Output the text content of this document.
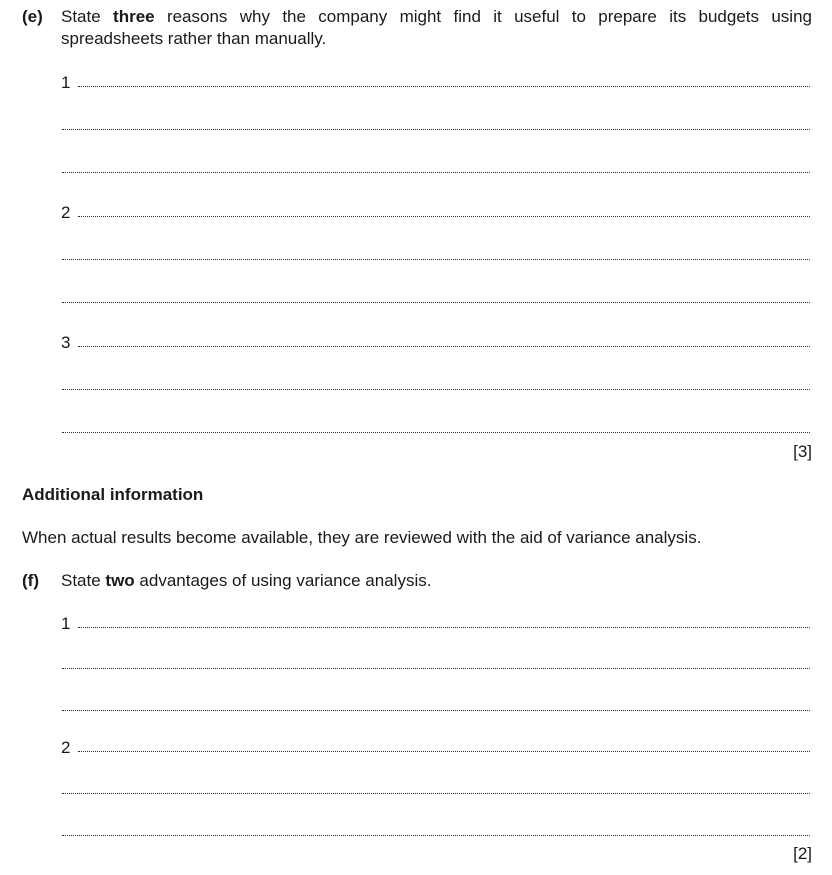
(e) State three reasons why the company might find it useful to prepare its budgets using
spreadsheets rather than manually.
1
2
3
[3]
Additional information
When actual results become available, they are reviewed with the aid of variance analysis.
(f) State two advantages of using variance analysis.
1
2
[2]
